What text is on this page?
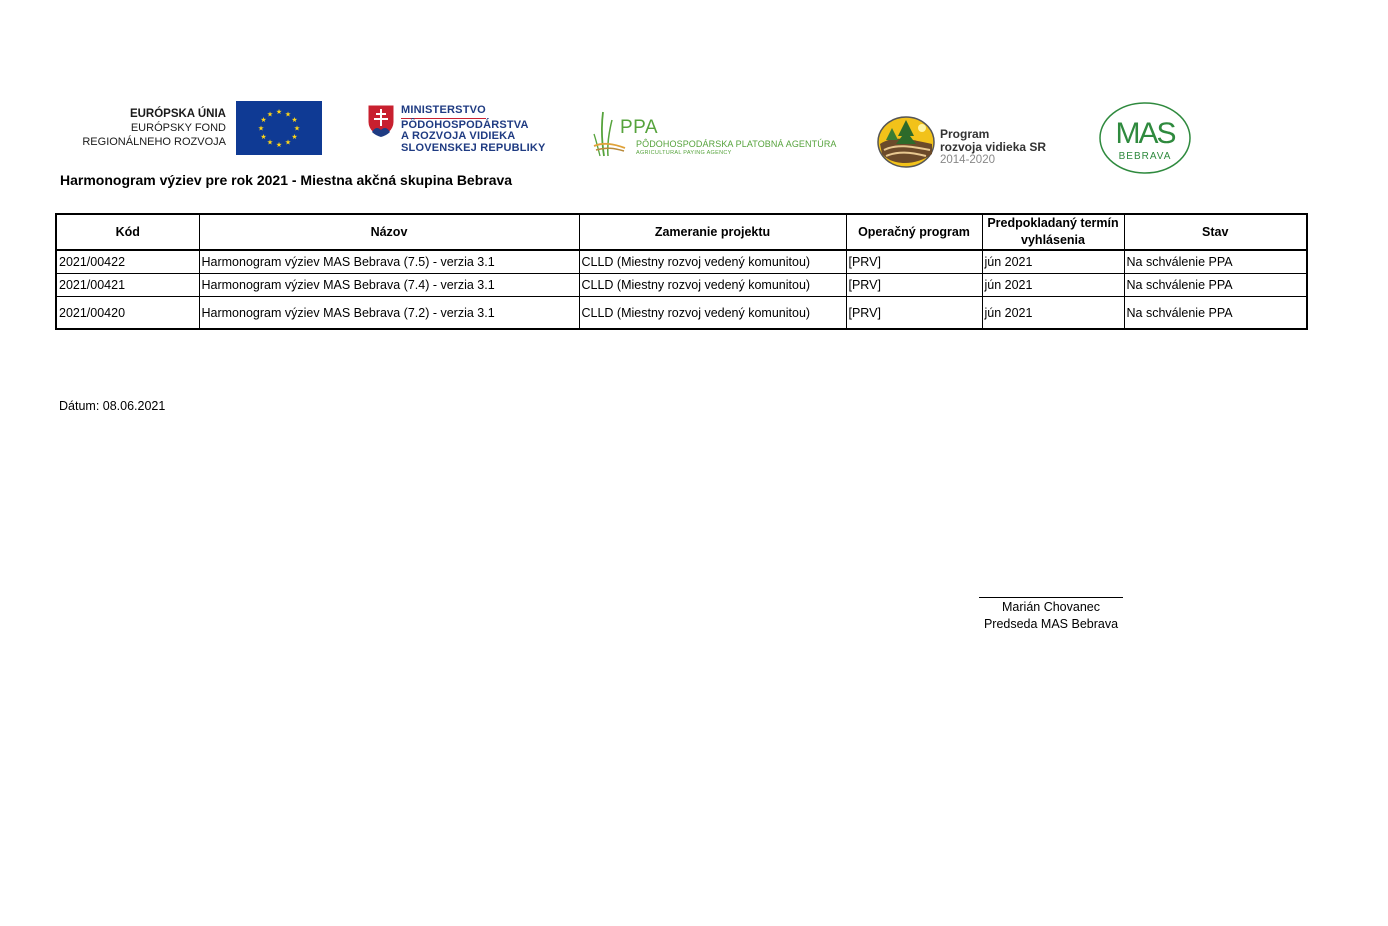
EURÓPSKA ÚNIA
EURÓPSKY FOND
REGIONÁLNEHO ROZVOJA
★ ★
★
★
★
★
★
★
★
★
★
★	MINISTERSTVO
PÔDOHOSPODÁRSTVA
A ROZVOJA VIDIEKA
SLOVENSKEJ REPUBLIKY
PPA
PÔDOHOSPODÁRSKA PLATOBNÁ AGENTÚRA
AGRICULTURAL PAYING AGENCY
Program
rozvoja vidieka SR
2014-2020
MAS
BEBRAVA
Harmonogram výziev pre rok 2021 - Miestna akčná skupina Bebrava
Kód	Názov	Zameranie projektu	Operačný program	Predpokladaný termín vyhlásenia	Stav
2021/00422	Harmonogram výziev MAS Bebrava (7.5) - verzia 3.1	CLLD (Miestny rozvoj vedený komunitou)	[PRV]	jún 2021	Na schválenie PPA
2021/00421	Harmonogram výziev MAS Bebrava (7.4) - verzia 3.1	CLLD (Miestny rozvoj vedený komunitou)	[PRV]	jún 2021	Na schválenie PPA
2021/00420	Harmonogram výziev MAS Bebrava (7.2) - verzia 3.1	CLLD (Miestny rozvoj vedený komunitou)	[PRV]	jún 2021	Na schválenie PPA
Dátum: 08.06.2021
Marián Chovanec
Predseda MAS Bebrava
